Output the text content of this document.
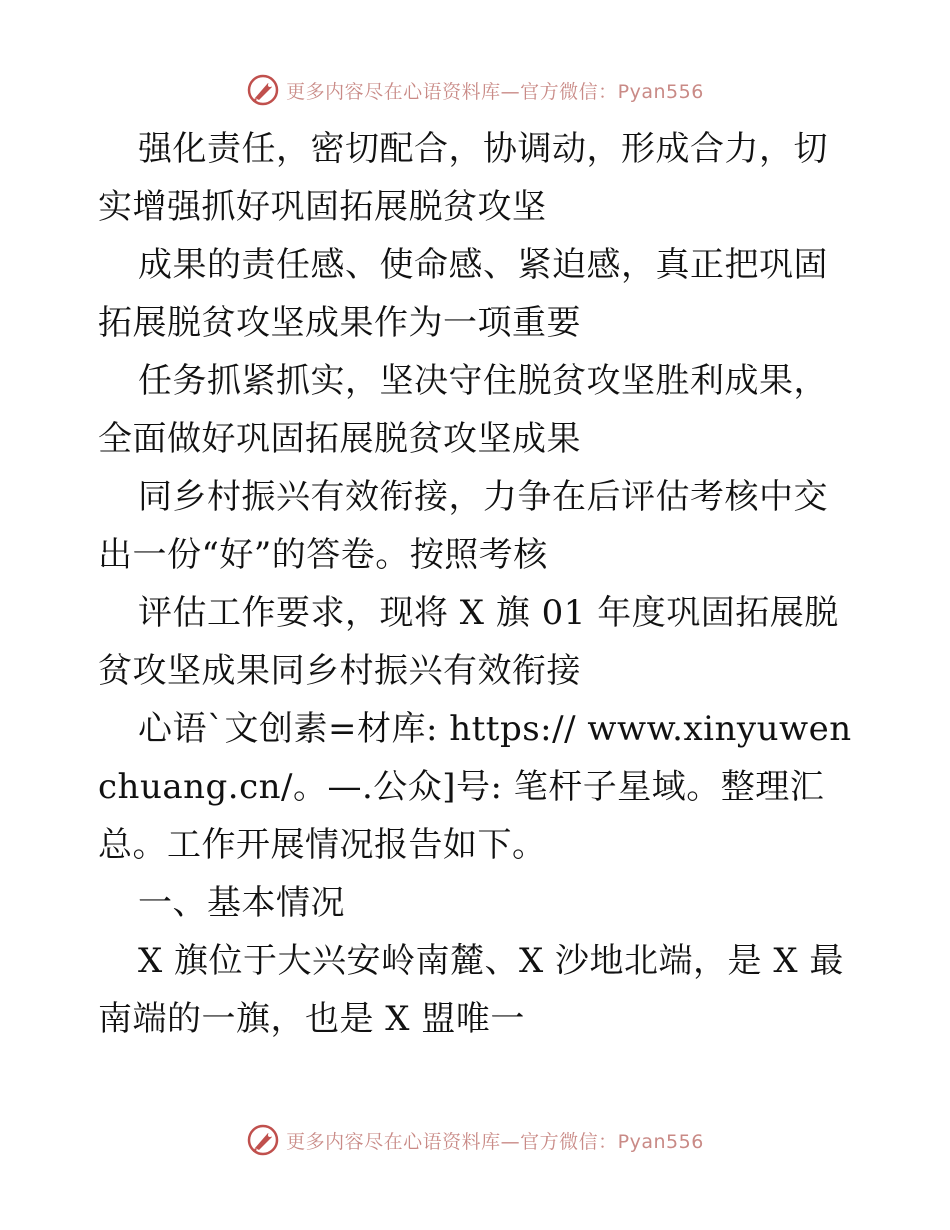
更多内容尽在心语资料库—官方微信：Pyan556

强化责任，密切配合，协调动，形成合力，切实增强抓好巩固拓展脱贫攻坚

成果的责任感、使命感、紧迫感，真正把巩固拓展脱贫攻坚成果作为一项重要

任务抓紧抓实，坚决守住脱贫攻坚胜利成果，全面做好巩固拓展脱贫攻坚成果

同乡村振兴有效衔接，力争在后评估考核中交出一份“好”的答卷。按照考核

评估工作要求，现将 X 旗 01 年度巩固拓展脱贫攻坚成果同乡村振兴有效衔接

心语`文创素=材库: https:// www.xinyuwenchuang.cn/。—.公众]号: 笔杆子星域。整理汇总。工作开展情况报告如下。

一、基本情况

X 旗位于大兴安岭南麓、X 沙地北端，是 X 最南端的一旗，也是 X 盟唯一

更多内容尽在心语资料库—官方微信：Pyan556
